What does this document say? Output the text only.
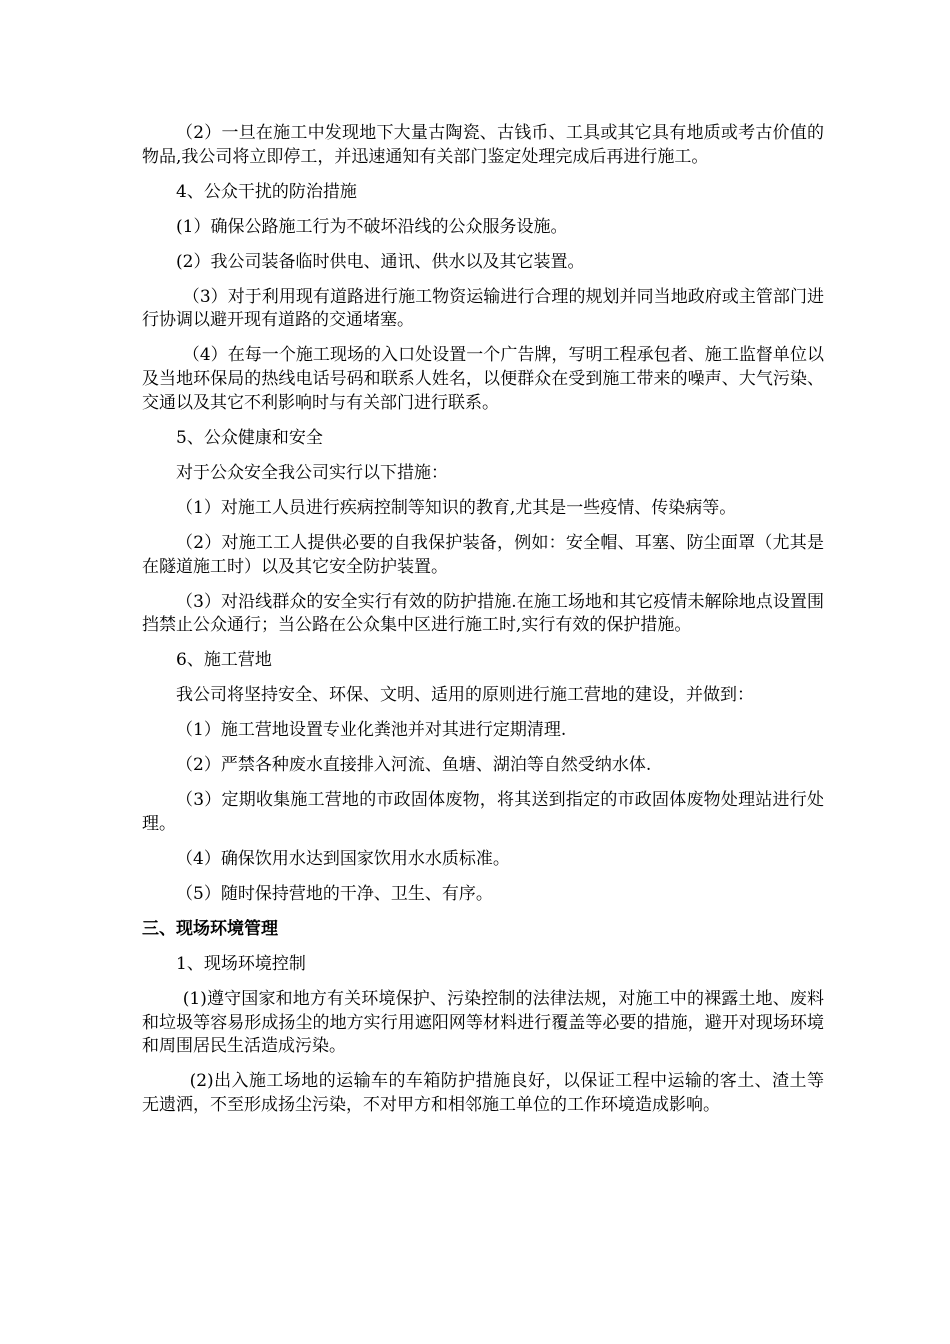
（2）一旦在施工中发现地下大量古陶瓷、古钱币、工具或其它具有地质或考古价值的物品,我公司将立即停工，并迅速通知有关部门鉴定处理完成后再进行施工。

4、公众干扰的防治措施

(1）确保公路施工行为不破坏沿线的公众服务设施。

(2）我公司装备临时供电、通讯、供水以及其它装置。

（3）对于利用现有道路进行施工物资运输进行合理的规划并同当地政府或主管部门进行协调以避开现有道路的交通堵塞。

（4）在每一个施工现场的入口处设置一个广告牌，写明工程承包者、施工监督单位以及当地环保局的热线电话号码和联系人姓名，以便群众在受到施工带来的噪声、大气污染、交通以及其它不利影响时与有关部门进行联系。

5、公众健康和安全

对于公众安全我公司实行以下措施：

（1）对施工人员进行疾病控制等知识的教育,尤其是一些疫情、传染病等。

（2）对施工工人提供必要的自我保护装备，例如：安全帽、耳塞、防尘面罩（尤其是在隧道施工时）以及其它安全防护装置。

（3）对沿线群众的安全实行有效的防护措施.在施工场地和其它疫情未解除地点设置围挡禁止公众通行；当公路在公众集中区进行施工时,实行有效的保护措施。

6、施工营地

我公司将坚持安全、环保、文明、适用的原则进行施工营地的建设，并做到：

（1）施工营地设置专业化粪池并对其进行定期清理.

（2）严禁各种废水直接排入河流、鱼塘、湖泊等自然受纳水体.

（3）定期收集施工营地的市政固体废物，将其送到指定的市政固体废物处理站进行处理。

（4）确保饮用水达到国家饮用水水质标准。

（5）随时保持营地的干净、卫生、有序。

三、现场环境管理

1、现场环境控制

(1)遵守国家和地方有关环境保护、污染控制的法律法规，对施工中的裸露土地、废料和垃圾等容易形成扬尘的地方实行用遮阳网等材料进行覆盖等必要的措施，避开对现场环境和周围居民生活造成污染。

(2)出入施工场地的运输车的车箱防护措施良好，以保证工程中运输的客土、渣土等无遗洒，不至形成扬尘污染，不对甲方和相邻施工单位的工作环境造成影响。
